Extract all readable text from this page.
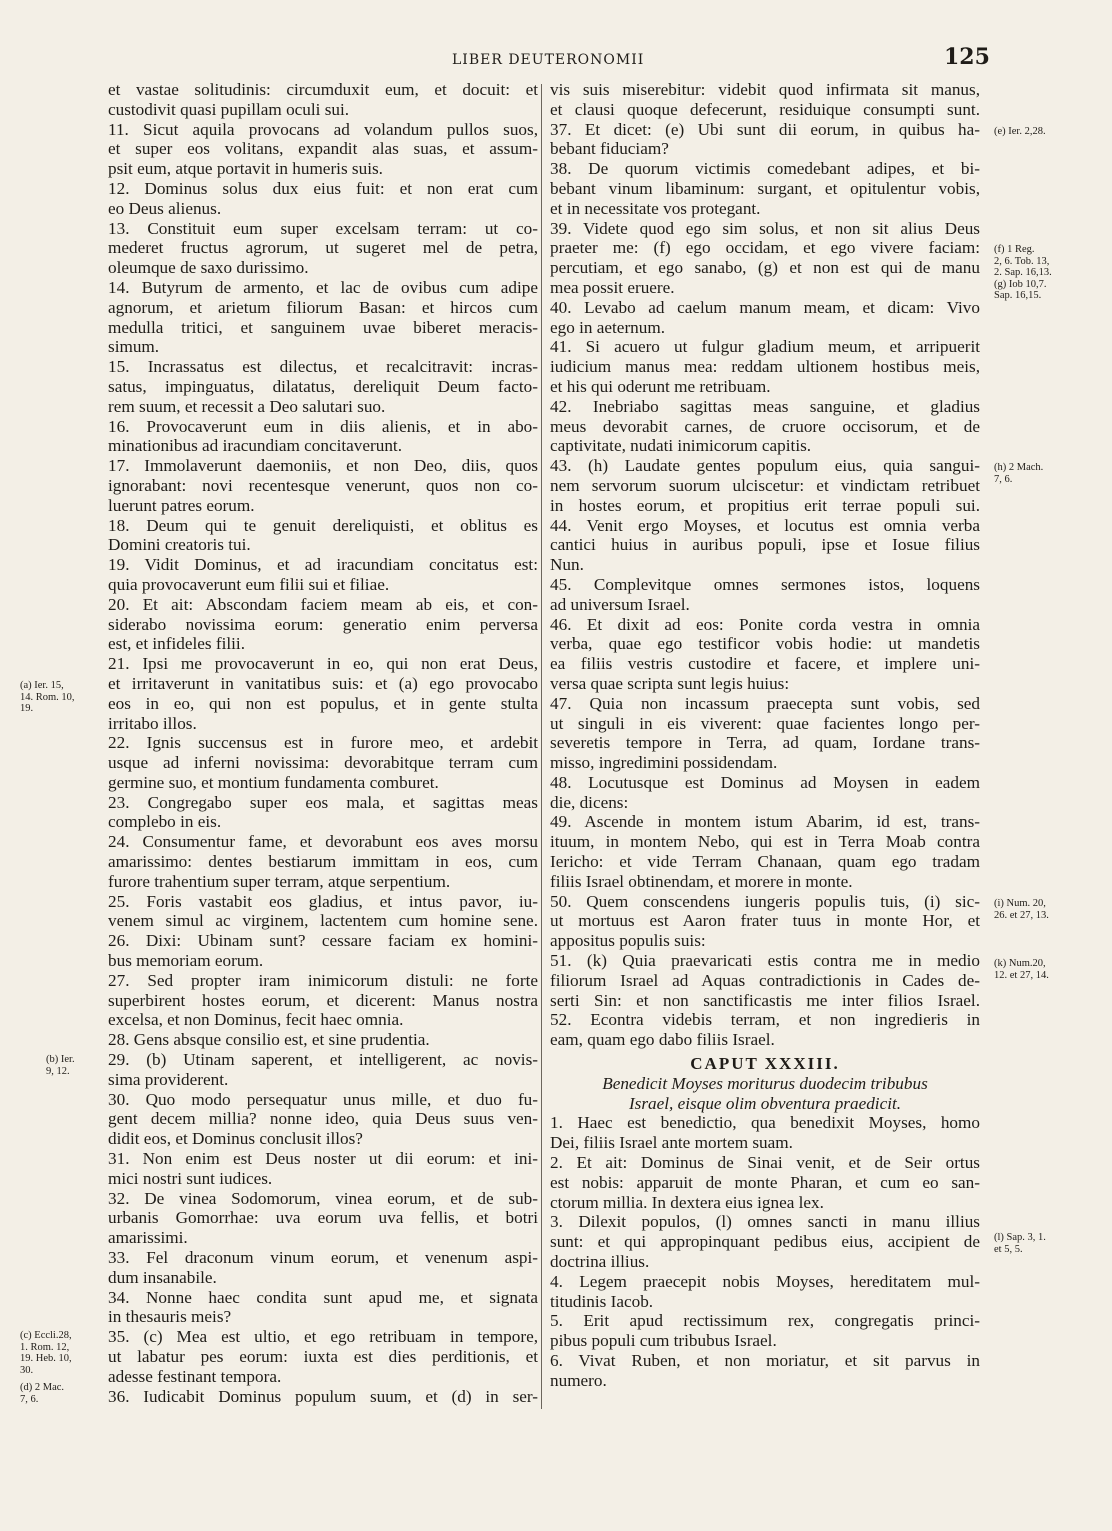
LIBER DEUTERONOMII	125
et vastae solitudinis: circumduxit eum, et docuit: et
custodivit quasi pupillam oculi sui.
11. Sicut aquila provocans ad volandum pullos suos,
et super eos volitans, expandit alas suas, et assum-
psit eum, atque portavit in humeris suis.
12. Dominus solus dux eius fuit: et non erat cum
eo Deus alienus.
13. Constituit eum super excelsam terram: ut co-
mederet fructus agrorum, ut sugeret mel de petra,
oleumque de saxo durissimo.
14. Butyrum de armento, et lac de ovibus cum adipe
agnorum, et arietum filiorum Basan: et hircos cum
medulla tritici, et sanguinem uvae biberet meracis-
simum.
15. Incrassatus est dilectus, et recalcitravit: incras-
satus, impinguatus, dilatatus, dereliquit Deum facto-
rem suum, et recessit a Deo salutari suo.
16. Provocaverunt eum in diis alienis, et in abo-
minationibus ad iracundiam concitaverunt.
17. Immolaverunt daemoniis, et non Deo, diis, quos
ignorabant: novi recentesque venerunt, quos non co-
luerunt patres eorum.
18. Deum qui te genuit dereliquisti, et oblitus es
Domini creatoris tui.
19. Vidit Dominus, et ad iracundiam concitatus est:
quia provocaverunt eum filii sui et filiae.
20. Et ait: Abscondam faciem meam ab eis, et con-
siderabo novissima eorum: generatio enim perversa
est, et infideles filii.
21. Ipsi me provocaverunt in eo, qui non erat Deus,
et irritaverunt in vanitatibus suis: et (a) ego provocabo
eos in eo, qui non est populus, et in gente stulta
irritabo illos.
22. Ignis succensus est in furore meo, et ardebit
usque ad inferni novissima: devorabitque terram cum
germine suo, et montium fundamenta comburet.
23. Congregabo super eos mala, et sagittas meas
complebo in eis.
24. Consumentur fame, et devorabunt eos aves morsu
amarissimo: dentes bestiarum immittam in eos, cum
furore trahentium super terram, atque serpentium.
25. Foris vastabit eos gladius, et intus pavor, iu-
venem simul ac virginem, lactentem cum homine sene.
26. Dixi: Ubinam sunt? cessare faciam ex homini-
bus memoriam eorum.
27. Sed propter iram inimicorum distuli: ne forte
superbirent hostes eorum, et dicerent: Manus nostra
excelsa, et non Dominus, fecit haec omnia.
28. Gens absque consilio est, et sine prudentia.
29. (b) Utinam saperent, et intelligerent, ac novis-
sima providerent.
30. Quo modo persequatur unus mille, et duo fu-
gent decem millia? nonne ideo, quia Deus suus ven-
didit eos, et Dominus conclusit illos?
31. Non enim est Deus noster ut dii eorum: et ini-
mici nostri sunt iudices.
32. De vinea Sodomorum, vinea eorum, et de sub-
urbanis Gomorrhae: uva eorum uva fellis, et botri
amarissimi.
33. Fel draconum vinum eorum, et venenum aspi-
dum insanabile.
34. Nonne haec condita sunt apud me, et signata
in thesauris meis?
35. (c) Mea est ultio, et ego retribuam in tempore,
ut labatur pes eorum: iuxta est dies perditionis, et
adesse festinant tempora.
36. Iudicabit Dominus populum suum, et (d) in ser-
vis suis miserebitur: videbit quod infirmata sit manus,
et clausi quoque defecerunt, residuique consumpti sunt.
37. Et dicet: (e) Ubi sunt dii eorum, in quibus ha-
bebant fiduciam?
38. De quorum victimis comedebant adipes, et bi-
bebant vinum libaminum: surgant, et opitulentur vobis,
et in necessitate vos protegant.
39. Videte quod ego sim solus, et non sit alius Deus
praeter me: (f) ego occidam, et ego vivere faciam:
percutiam, et ego sanabo, (g) et non est qui de manu
mea possit eruere.
40. Levabo ad caelum manum meam, et dicam: Vivo
ego in aeternum.
41. Si acuero ut fulgur gladium meum, et arripuerit
iudicium manus mea: reddam ultionem hostibus meis,
et his qui oderunt me retribuam.
42. Inebriabo sagittas meas sanguine, et gladius
meus devorabit carnes, de cruore occisorum, et de
captivitate, nudati inimicorum capitis.
43. (h) Laudate gentes populum eius, quia sangui-
nem servorum suorum ulciscetur: et vindictam retribuet
in hostes eorum, et propitius erit terrae populi sui.
44. Venit ergo Moyses, et locutus est omnia verba
cantici huius in auribus populi, ipse et Iosue filius
Nun.
45. Complevitque omnes sermones istos, loquens
ad universum Israel.
46. Et dixit ad eos: Ponite corda vestra in omnia
verba, quae ego testificor vobis hodie: ut mandetis
ea filiis vestris custodire et facere, et implere uni-
versa quae scripta sunt legis huius:
47. Quia non incassum praecepta sunt vobis, sed
ut singuli in eis viverent: quae facientes longo per-
severetis tempore in Terra, ad quam, Iordane trans-
misso, ingredimini possidendam.
48. Locutusque est Dominus ad Moysen in eadem
die, dicens:
49. Ascende in montem istum Abarim, id est, trans-
ituum, in montem Nebo, qui est in Terra Moab contra
Iericho: et vide Terram Chanaan, quam ego tradam
filiis Israel obtinendam, et morere in monte.
50. Quem conscendens iungeris populis tuis, (i) sic-
ut mortuus est Aaron frater tuus in monte Hor, et
appositus populis suis:
51. (k) Quia praevaricati estis contra me in medio
filiorum Israel ad Aquas contradictionis in Cades de-
serti Sin: et non sanctificastis me inter filios Israel.
52. Econtra videbis terram, et non ingredieris in
eam, quam ego dabo filiis Israel.
CAPUT XXXIII.
Benedicit Moyses moriturus duodecim tribubus
Israel, eisque olim obventura praedicit.
1. Haec est benedictio, qua benedixit Moyses, homo
Dei, filiis Israel ante mortem suam.
2. Et ait: Dominus de Sinai venit, et de Seir ortus
est nobis: apparuit de monte Pharan, et cum eo san-
ctorum millia. In dextera eius ignea lex.
3. Dilexit populos, (l) omnes sancti in manu illius
sunt: et qui appropinquant pedibus eius, accipient de
doctrina illius.
4. Legem praecepit nobis Moyses, hereditatem mul-
titudinis Iacob.
5. Erit apud rectissimum rex, congregatis princi-
pibus populi cum tribubus Israel.
6. Vivat Ruben, et non moriatur, et sit parvus in
numero.
(a) Ier. 15,
14. Rom. 10,
19.
(b) Ier.
9, 12.
(c) Eccli.28,
1. Rom. 12,
19. Heb. 10,
30.
(d) 2 Mac.
7, 6.
(e) Ier. 2,28.
(f) 1 Reg.
2, 6. Tob. 13,
2. Sap. 16,13.
(g) Iob 10,7.
Sap. 16,15.
(h) 2 Mach.
7, 6.
(i) Num. 20,
26. et 27, 13.
(k) Num.20,
12. et 27, 14.
(l) Sap. 3, 1.
et 5, 5.
